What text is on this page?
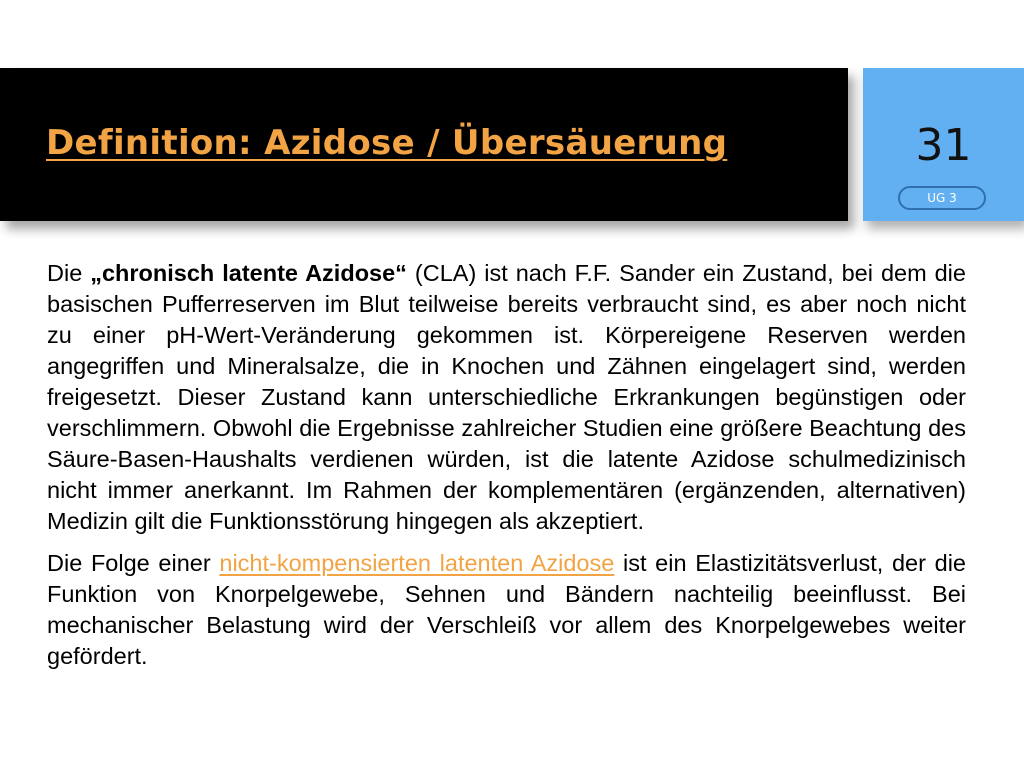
Definition: Azidose / Übersäuerung	31
UG 3

Die „chronisch latente Azidose“ (CLA) ist nach F.F. Sander ein Zustand, bei dem die basischen Pufferreserven im Blut teilweise bereits verbraucht sind, es aber noch nicht zu einer pH-Wert-Veränderung gekommen ist. Körpereigene Reserven werden angegriffen und Mineralsalze, die in Knochen und Zähnen eingelagert sind, werden freigesetzt. Dieser Zustand kann unterschiedliche Erkrankungen begünstigen oder verschlimmern. Obwohl die Ergebnisse zahlreicher Studien eine größere Beachtung des Säure-Basen-Haushalts verdienen würden, ist die latente Azidose schulmedizinisch nicht immer anerkannt. Im Rahmen der komplementären (ergänzenden, alternativen) Medizin gilt die Funktionsstörung hingegen als akzeptiert.

Die Folge einer nicht-kompensierten latenten Azidose ist ein Elastizitätsverlust, der die Funktion von Knorpelgewebe, Sehnen und Bändern nachteilig beeinflusst. Bei mechanischer Belastung wird der Verschleiß vor allem des Knorpelgewebes weiter gefördert.
